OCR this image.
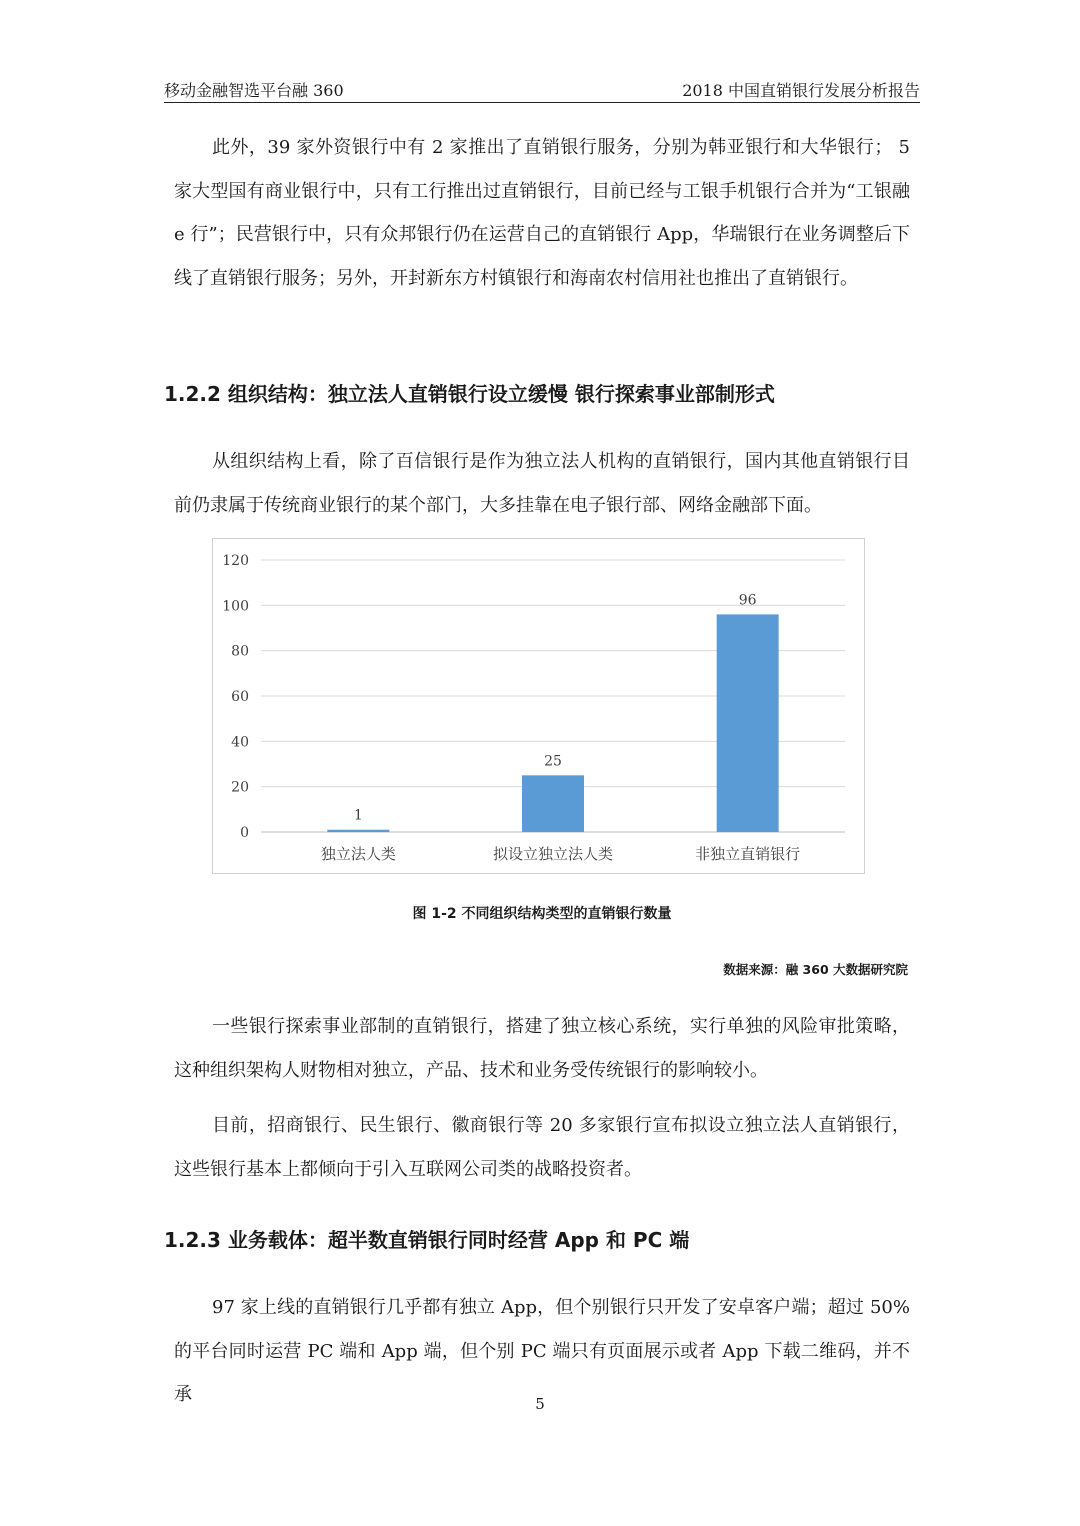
移动金融智选平台融 360	2018 中国直销银行发展分析报告

此外，39 家外资银行中有 2 家推出了直销银行服务，分别为韩亚银行和大华银行； 5 家大型国有商业银行中，只有工行推出过直销银行，目前已经与工银手机银行合并为“工银融 e 行”；民营银行中，只有众邦银行仍在运营自己的直销银行 App，华瑞银行在业务调整后下线了直销银行服务；另外，开封新东方村镇银行和海南农村信用社也推出了直销银行。

1.2.2 组织结构：独立法人直销银行设立缓慢 银行探索事业部制形式

从组织结构上看，除了百信银行是作为独立法人机构的直销银行，国内其他直销银行目前仍隶属于传统商业银行的某个部门，大多挂靠在电子银行部、网络金融部下面。

0
20
40
60
80
100
120
1
独立法人类
25
拟设立独立法人类
96
非独立直销银行
图 1-2 不同组织结构类型的直销银行数量
数据来源：融 360 大数据研究院

一些银行探索事业部制的直销银行，搭建了独立核心系统，实行单独的风险审批策略，这种组织架构人财物相对独立，产品、技术和业务受传统银行的影响较小。

目前，招商银行、民生银行、徽商银行等 20 多家银行宣布拟设立独立法人直销银行，这些银行基本上都倾向于引入互联网公司类的战略投资者。

1.2.3 业务载体：超半数直销银行同时经营 App 和 PC 端

97 家上线的直销银行几乎都有独立 App，但个别银行只开发了安卓客户端；超过 50%的平台同时运营 PC 端和 App 端，但个别 PC 端只有页面展示或者 App 下载二维码，并不承	5
